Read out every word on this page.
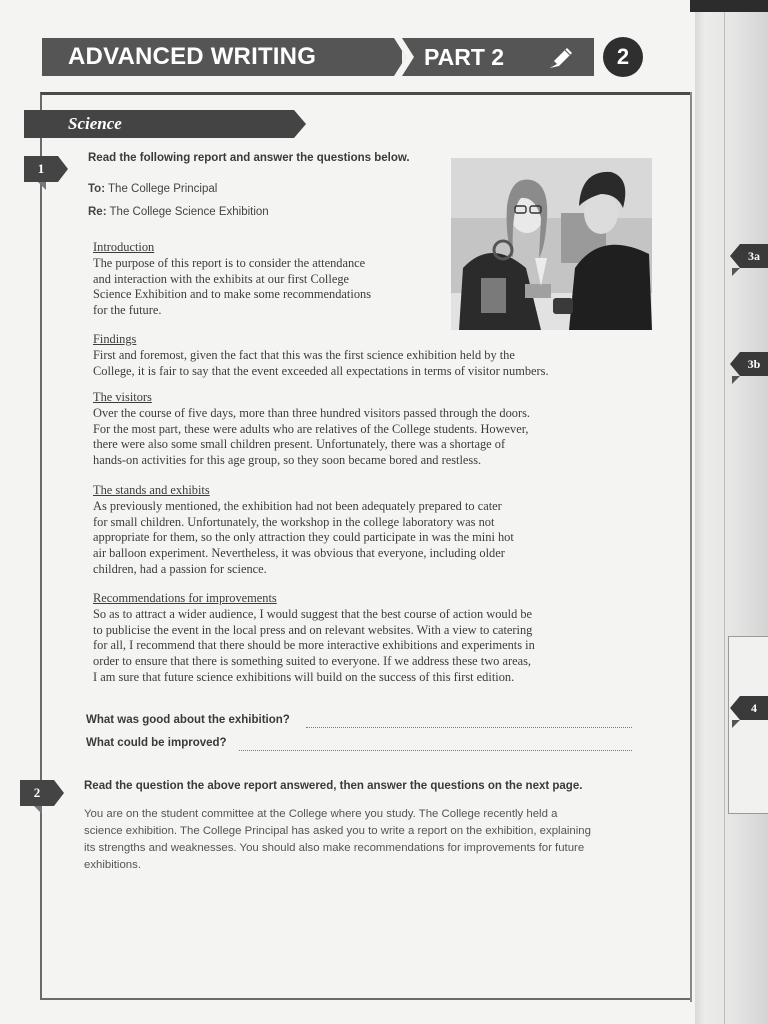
ADVANCED WRITING	PART 2	2
Science
1
Read the following report and answer the questions below.
To: The College Principal
Re: The College Science Exhibition
Introduction
The purpose of this report is to consider the attendance
and interaction with the exhibits at our first College
Science Exhibition and to make some recommendations
for the future.
Findings
First and foremost, given the fact that this was the first science exhibition held by the
College, it is fair to say that the event exceeded all expectations in terms of visitor numbers.
The visitors
Over the course of five days, more than three hundred visitors passed through the doors.
For the most part, these were adults who are relatives of the College students. However,
there were also some small children present. Unfortunately, there was a shortage of
hands-on activities for this age group, so they soon became bored and restless.
The stands and exhibits
As previously mentioned, the exhibition had not been adequately prepared to cater
for small children. Unfortunately, the workshop in the college laboratory was not
appropriate for them, so the only attraction they could participate in was the mini hot
air balloon experiment. Nevertheless, it was obvious that everyone, including older
children, had a passion for science.
Recommendations for improvements
So as to attract a wider audience, I would suggest that the best course of action would be
to publicise the event in the local press and on relevant websites. With a view to catering
for all, I recommend that there should be more interactive exhibitions and experiments in
order to ensure that there is something suited to everyone. If we address these two areas,
I am sure that future science exhibitions will build on the success of this first edition.
What was good about the exhibition?
What could be improved?
2	Read the question the above report answered, then answer the questions on the next page.
You are on the student committee at the College where you study. The College recently held a
science exhibition. The College Principal has asked you to write a report on the exhibition, explaining
its strengths and weaknesses. You should also make recommendations for improvements for future
exhibitions.
3a
3b
4
